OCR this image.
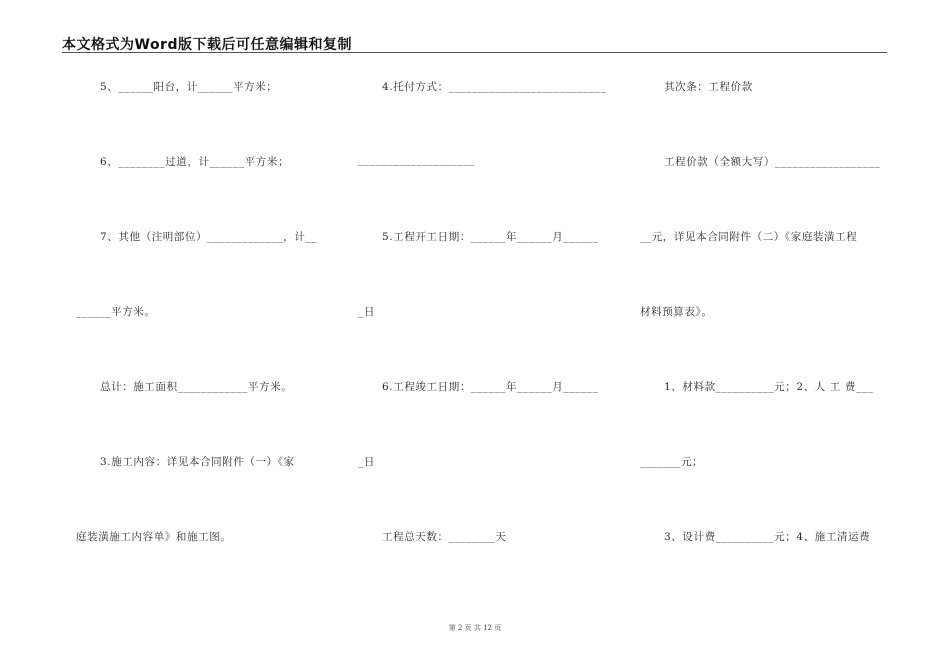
本文格式为Word版下载后可任意编辑和复制
5、______阳台，计______平方米；
6、________过道，计______平方米；
7、其他（注明部位）_____________，计__
______平方米。
总计：施工面积____________平方米。
3.施工内容：详见本合同附件（一）《家
庭装潢施工内容单》和施工图。
4.托付方式：___________________________
____________________
5.工程开工日期：______年______月______
_日
6.工程竣工日期：______年______月______
_日
工程总天数：________天
其次条：工程价款
工程价款（全额大写）__________________
__元，详见本合同附件（二）《家庭装潢工程
材料预算表》。
1、材料款__________元；2、人 工 费___
_______元；
3、设计费__________元；4、施工清运费
第 2 页 共 12 页
